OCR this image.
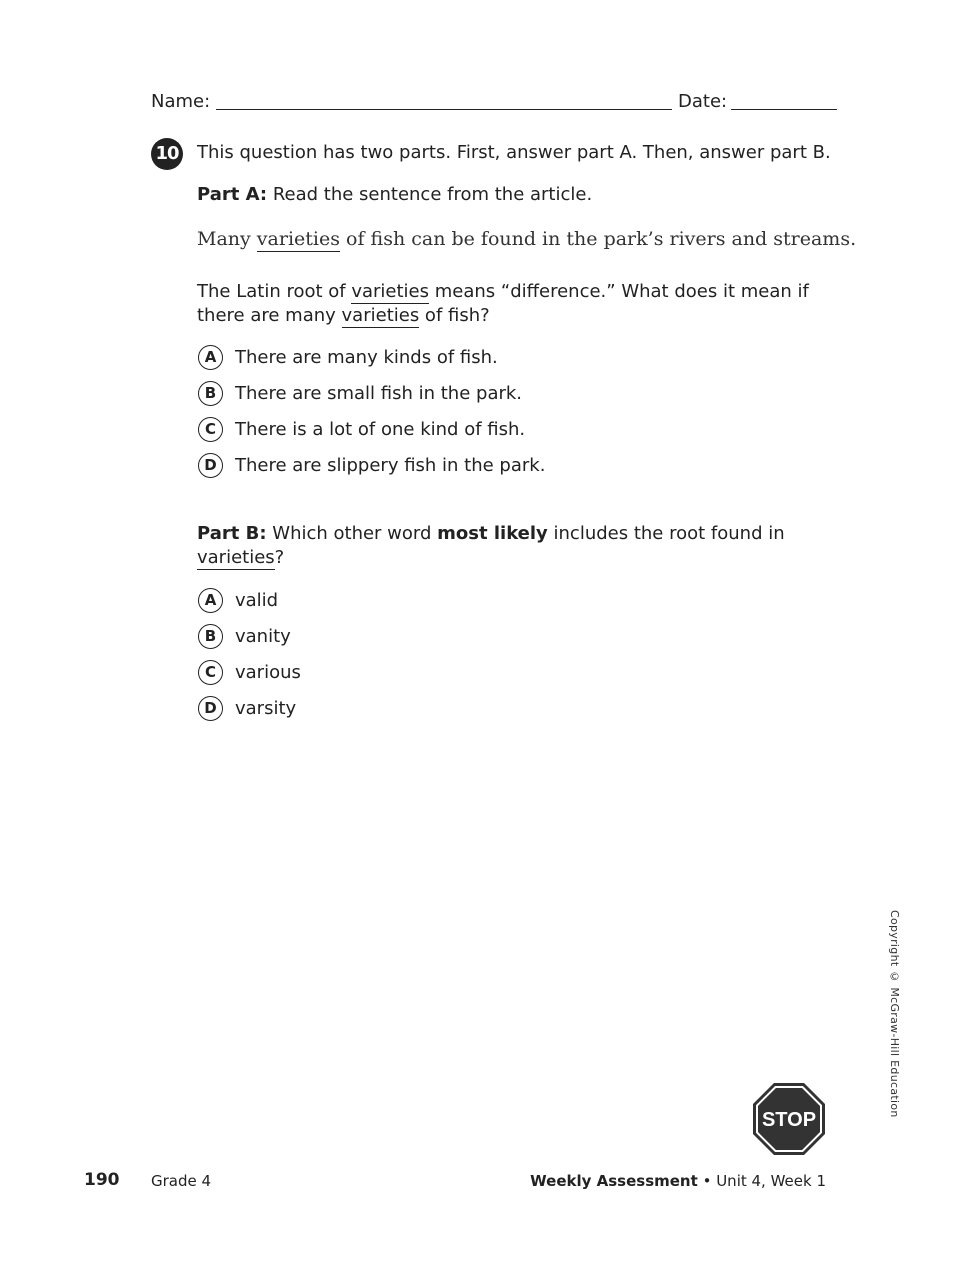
Name:	Date:
10 This question has two parts. First, answer part A. Then, answer part B.
Part A: Read the sentence from the article.
Many varieties of fish can be found in the park’s rivers and streams.
The Latin root of varieties means “difference.” What does it mean if
there are many varieties of fish?
A	There are many kinds of fish.
B	There are small fish in the park.
C	There is a lot of one kind of fish.
D	There are slippery fish in the park.
Part B: Which other word most likely includes the root found in
varieties?
A	valid
B	vanity
C	various
D	varsity
Copyright © McGraw-Hill Education
STOP
190 Grade 4	Weekly Assessment • Unit 4, Week 1
